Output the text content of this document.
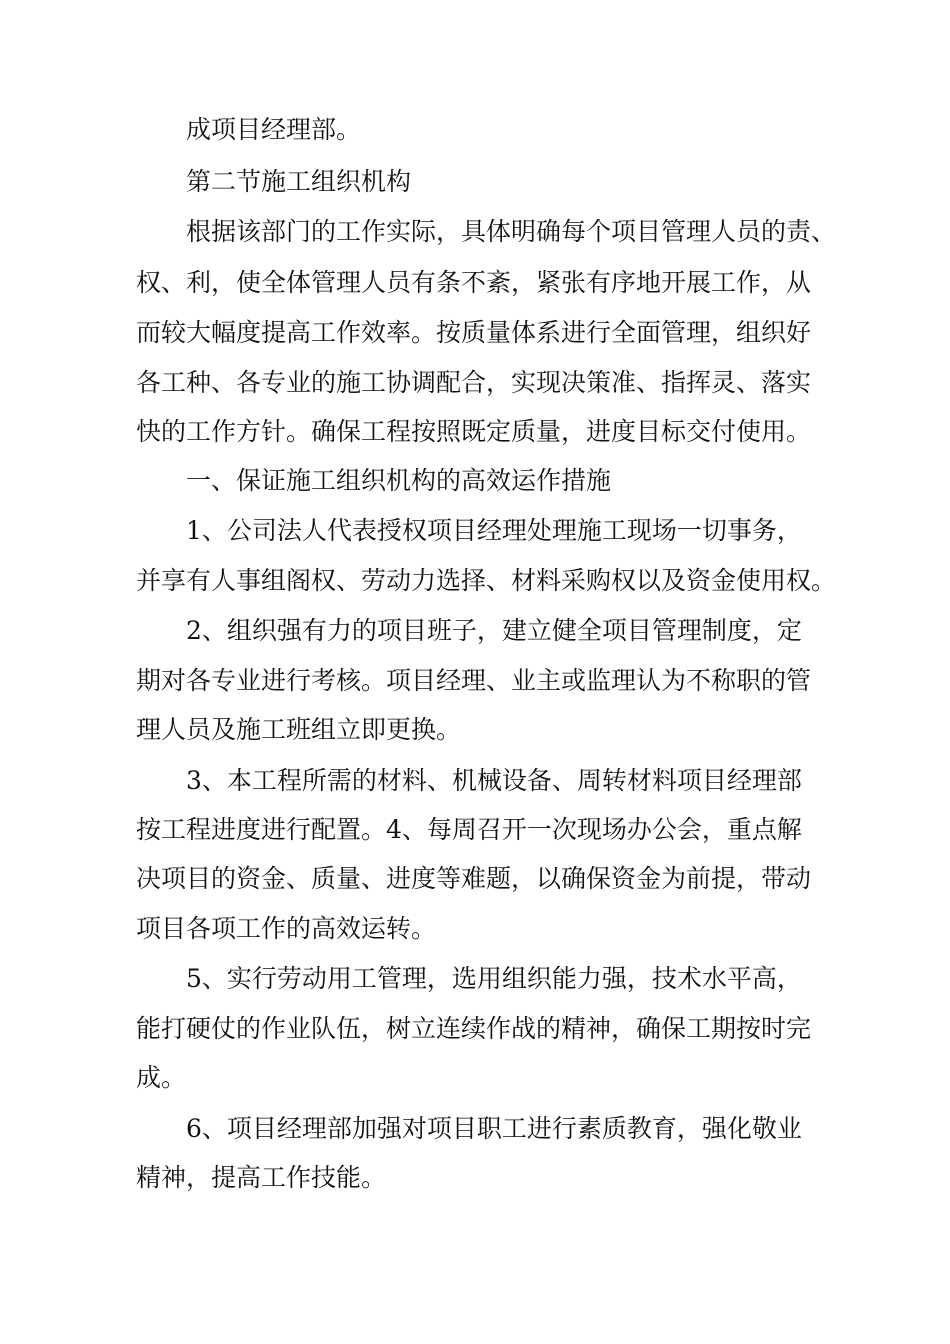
成项目经理部。
第二节施工组织机构
根据该部门的工作实际，具体明确每个项目管理人员的责、
权、利，使全体管理人员有条不紊，紧张有序地开展工作，从
而较大幅度提高工作效率。按质量体系进行全面管理，组织好
各工种、各专业的施工协调配合，实现决策准、指挥灵、落实
快的工作方针。确保工程按照既定质量，进度目标交付使用。
一、保证施工组织机构的高效运作措施
1、公司法人代表授权项目经理处理施工现场一切事务，
并享有人事组阁权、劳动力选择、材料采购权以及资金使用权。
2、组织强有力的项目班子，建立健全项目管理制度，定
期对各专业进行考核。项目经理、业主或监理认为不称职的管
理人员及施工班组立即更换。
3、本工程所需的材料、机械设备、周转材料项目经理部
按工程进度进行配置。4、每周召开一次现场办公会，重点解
决项目的资金、质量、进度等难题，以确保资金为前提，带动
项目各项工作的高效运转。
5、实行劳动用工管理，选用组织能力强，技术水平高，
能打硬仗的作业队伍，树立连续作战的精神，确保工期按时完
成。
6、项目经理部加强对项目职工进行素质教育，强化敬业
精神，提高工作技能。
